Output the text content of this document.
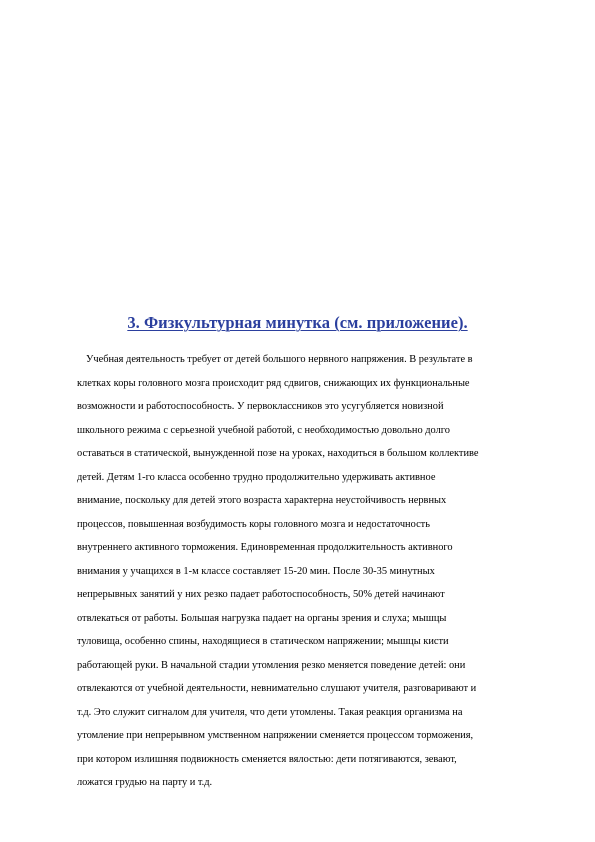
3. Физкультурная минутка (см. приложение).

Учебная деятельность требует от детей большого нервного напряжения. В результате в
клетках коры головного мозга происходит ряд сдвигов, снижающих их функциональные
возможности и работоспособность. У первоклассников это усугубляется новизной
школьного режима с серьезной учебной работой, с необходимостью довольно долго
оставаться в статической, вынужденной позе на уроках, находиться в большом коллективе
детей. Детям 1-го класса особенно трудно продолжительно удерживать активное
внимание, поскольку для детей этого возраста характерна неустойчивость нервных
процессов, повышенная возбудимость коры головного мозга и недостаточность
внутреннего активного торможения. Единовременная продолжительность активного
внимания у учащихся в 1-м классе составляет 15-20 мин. После 30-35 минутных
непрерывных занятий у них резко падает работоспособность, 50% детей начинают
отвлекаться от работы. Большая нагрузка падает на органы зрения и слуха; мышцы
туловища, особенно спины, находящиеся в статическом напряжении; мышцы кисти
работающей руки. В начальной стадии утомления резко меняется поведение детей: они
отвлекаются от учебной деятельности, невнимательно слушают учителя, разговаривают и
т.д. Это служит сигналом для учителя, что дети утомлены. Такая реакция организма на
утомление при непрерывном умственном напряжении сменяется процессом торможения,
при котором излишняя подвижность сменяется вялостью: дети потягиваются, зевают,
ложатся грудью на парту и т.д.
